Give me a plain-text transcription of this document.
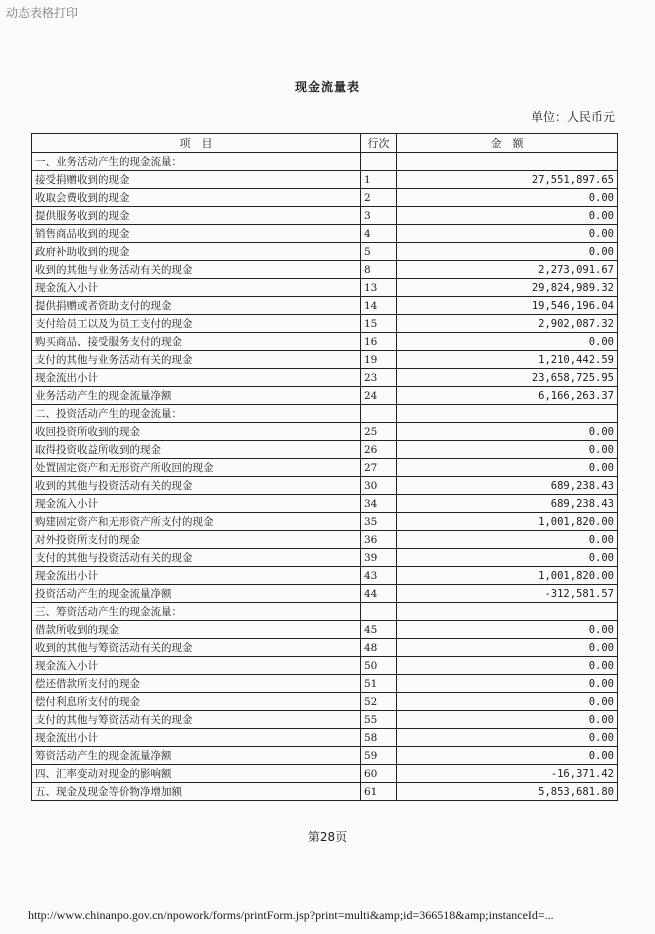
动态表格打印
现金流量表
单位：人民币元
项　目	行次	金　额
一、业务活动产生的现金流量：		
接受捐赠收到的现金	1	27,551,897.65
收取会费收到的现金	2	0.00
提供服务收到的现金	3	0.00
销售商品收到的现金	4	0.00
政府补助收到的现金	5	0.00
收到的其他与业务活动有关的现金	8	2,273,091.67
现金流入小计	13	29,824,989.32
提供捐赠或者资助支付的现金	14	19,546,196.04
支付给员工以及为员工支付的现金	15	2,902,087.32
购买商品、接受服务支付的现金	16	0.00
支付的其他与业务活动有关的现金	19	1,210,442.59
现金流出小计	23	23,658,725.95
业务活动产生的现金流量净额	24	6,166,263.37
二、投资活动产生的现金流量：		
收回投资所收到的现金	25	0.00
取得投资收益所收到的现金	26	0.00
处置固定资产和无形资产所收回的现金	27	0.00
收到的其他与投资活动有关的现金	30	689,238.43
现金流入小计	34	689,238.43
购建固定资产和无形资产所支付的现金	35	1,001,820.00
对外投资所支付的现金	36	0.00
支付的其他与投资活动有关的现金	39	0.00
现金流出小计	43	1,001,820.00
投资活动产生的现金流量净额	44	-312,581.57
三、筹资活动产生的现金流量：		
借款所收到的现金	45	0.00
收到的其他与筹资活动有关的现金	48	0.00
现金流入小计	50	0.00
偿还借款所支付的现金	51	0.00
偿付利息所支付的现金	52	0.00
支付的其他与筹资活动有关的现金	55	0.00
现金流出小计	58	0.00
筹资活动产生的现金流量净额	59	0.00
四、汇率变动对现金的影响额	60	-16,371.42
五、现金及现金等价物净增加额	61	5,853,681.80
第28页
http://www.chinanpo.gov.cn/npowork/forms/printForm.jsp?print=multi&amp;id=366518&amp;instanceId=...
